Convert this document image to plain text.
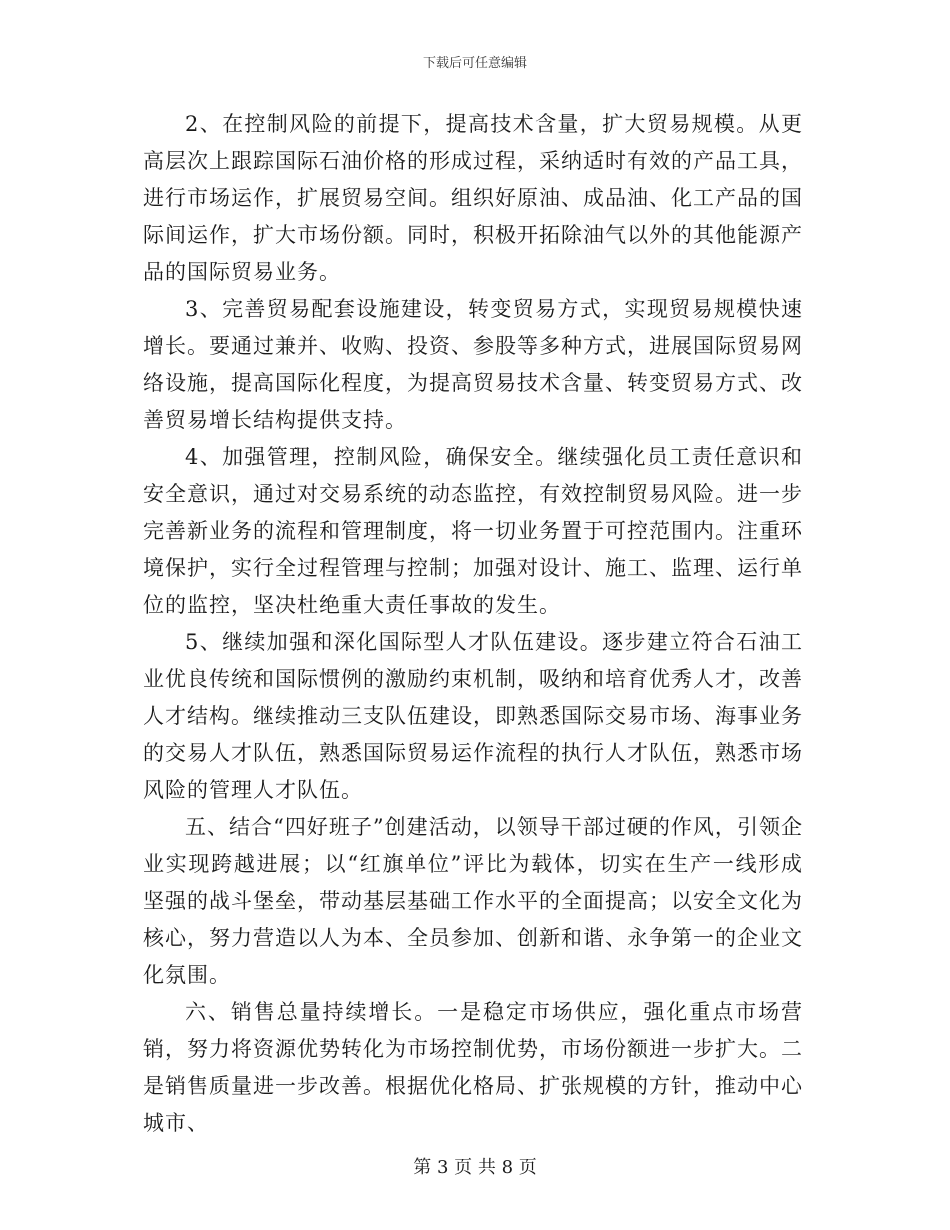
下载后可任意编辑

2、在控制风险的前提下，提高技术含量，扩大贸易规模。从更高层次上跟踪国际石油价格的形成过程，采纳适时有效的产品工具，进行市场运作，扩展贸易空间。组织好原油、成品油、化工产品的国际间运作，扩大市场份额。同时，积极开拓除油气以外的其他能源产品的国际贸易业务。

3、完善贸易配套设施建设，转变贸易方式，实现贸易规模快速增长。要通过兼并、收购、投资、参股等多种方式，进展国际贸易网络设施，提高国际化程度，为提高贸易技术含量、转变贸易方式、改善贸易增长结构提供支持。

4、加强管理，控制风险，确保安全。继续强化员工责任意识和安全意识，通过对交易系统的动态监控，有效控制贸易风险。进一步完善新业务的流程和管理制度，将一切业务置于可控范围内。注重环境保护，实行全过程管理与控制；加强对设计、施工、监理、运行单位的监控，坚决杜绝重大责任事故的发生。

5、继续加强和深化国际型人才队伍建设。逐步建立符合石油工业优良传统和国际惯例的激励约束机制，吸纳和培育优秀人才，改善人才结构。继续推动三支队伍建设，即熟悉国际交易市场、海事业务的交易人才队伍，熟悉国际贸易运作流程的执行人才队伍，熟悉市场风险的管理人才队伍。

五、结合“四好班子”创建活动，以领导干部过硬的作风，引领企业实现跨越进展；以“红旗单位”评比为载体，切实在生产一线形成坚强的战斗堡垒，带动基层基础工作水平的全面提高；以安全文化为核心，努力营造以人为本、全员参加、创新和谐、永争第一的企业文化氛围。

六、销售总量持续增长。一是稳定市场供应，强化重点市场营销，努力将资源优势转化为市场控制优势，市场份额进一步扩大。二是销售质量进一步改善。根据优化格局、扩张规模的方针，推动中心城市、

第 3 页 共 8 页
